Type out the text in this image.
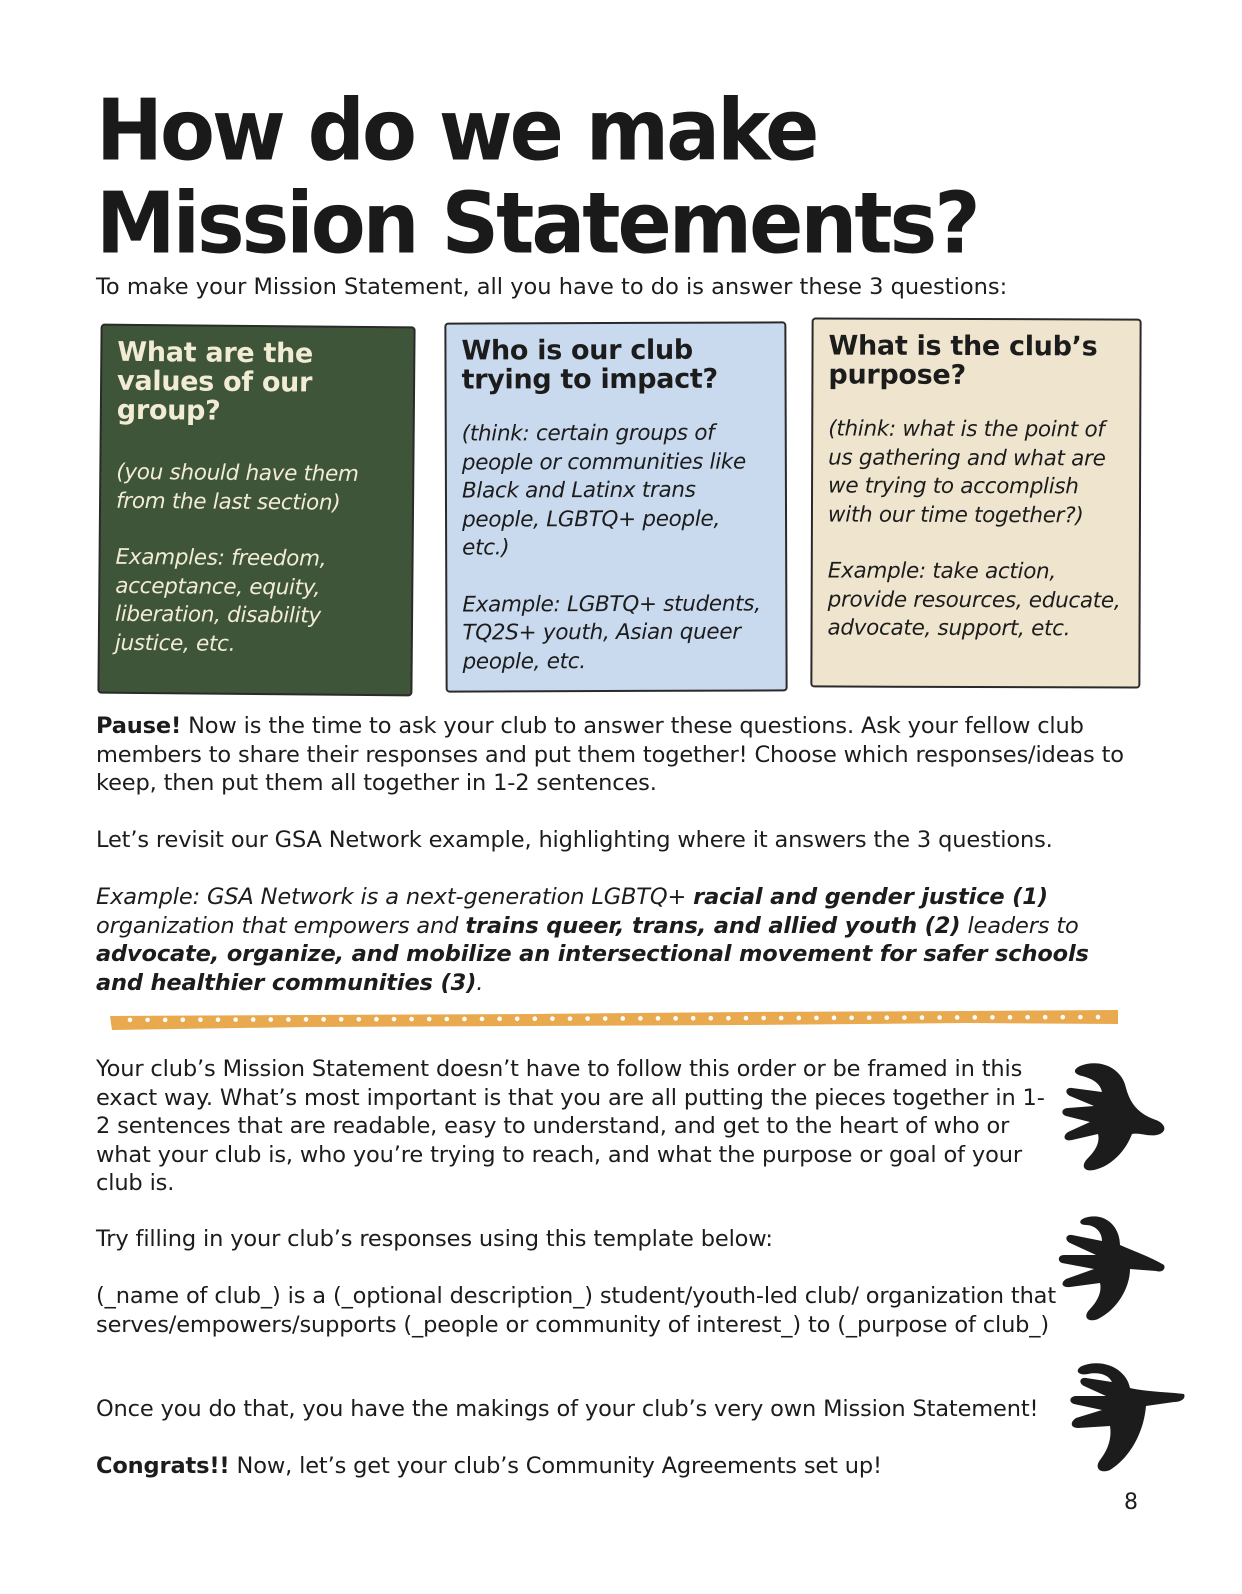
How do we make
Mission Statements?

To make your Mission Statement, all you have to do is answer these 3 questions:

What are the values of our group?

(you should have them from the last section)

Examples: freedom, acceptance, equity, liberation, disability justice, etc.

Who is our club trying to impact?

(think: certain groups of people or communities like Black and Latinx trans people, LGBTQ+ people, etc.)

Example: LGBTQ+ students, TQ2S+ youth, Asian queer people, etc.

What is the club’s purpose?

(think: what is the point of us gathering and what are we trying to accomplish with our time together?)

Example: take action, provide resources, educate, advocate, support, etc.

Pause! Now is the time to ask your club to answer these questions. Ask your fellow club members to share their responses and put them together! Choose which responses/ideas to keep, then put them all together in 1-2 sentences.

Let’s revisit our GSA Network example, highlighting where it answers the 3 questions.

Example: GSA Network is a next-generation LGBTQ+ racial and gender justice (1) organization that empowers and trains queer, trans, and allied youth (2) leaders to advocate, organize, and mobilize an intersectional movement for safer schools and healthier communities (3).

Your club’s Mission Statement doesn’t have to follow this order or be framed in this exact way. What’s most important is that you are all putting the pieces together in 1-2 sentences that are readable, easy to understand, and get to the heart of who or what your club is, who you’re trying to reach, and what the purpose or goal of your club is.

Try filling in your club’s responses using this template below:

(_name of club_) is a (_optional description_) student/youth-led club/ organization that serves/empowers/supports (_people or community of interest_) to (_purpose of club_)

Once you do that, you have the makings of your club’s very own Mission Statement!

Congrats!! Now, let’s get your club’s Community Agreements set up!

8
